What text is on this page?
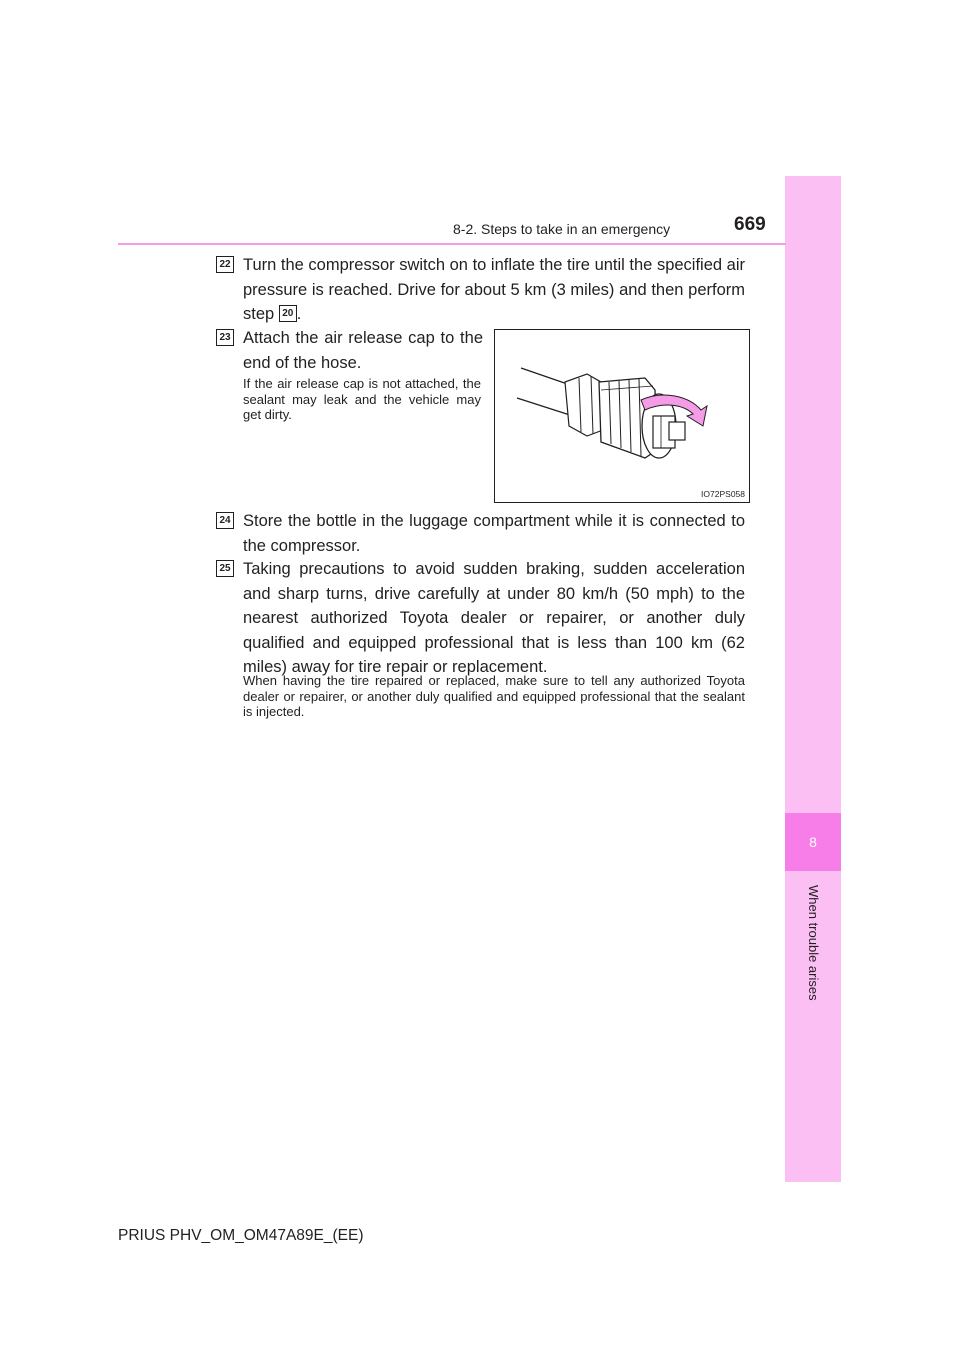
8
When trouble arises
8-2. Steps to take in an emergency	669
22 Turn the compressor switch on to inflate the tire until the specified air pressure is reached. Drive for about 5 km (3 miles) and then perform step 20 .
23 Attach the air release cap to the end of the hose.
If the air release cap is not attached, the sealant may leak and the vehicle may get dirty.
IO72PS058
24 Store the bottle in the luggage compartment while it is connected to the compressor.
25 Taking precautions to avoid sudden braking, sudden acceleration and sharp turns, drive carefully at under 80 km/h (50 mph) to the nearest authorized Toyota dealer or repairer, or another duly qualified and equipped professional that is less than 100 km (62 miles) away for tire repair or replacement.
When having the tire repaired or replaced, make sure to tell any authorized Toyota dealer or repairer, or another duly qualified and equipped professional that the sealant is injected.
PRIUS PHV_OM_OM47A89E_(EE)
